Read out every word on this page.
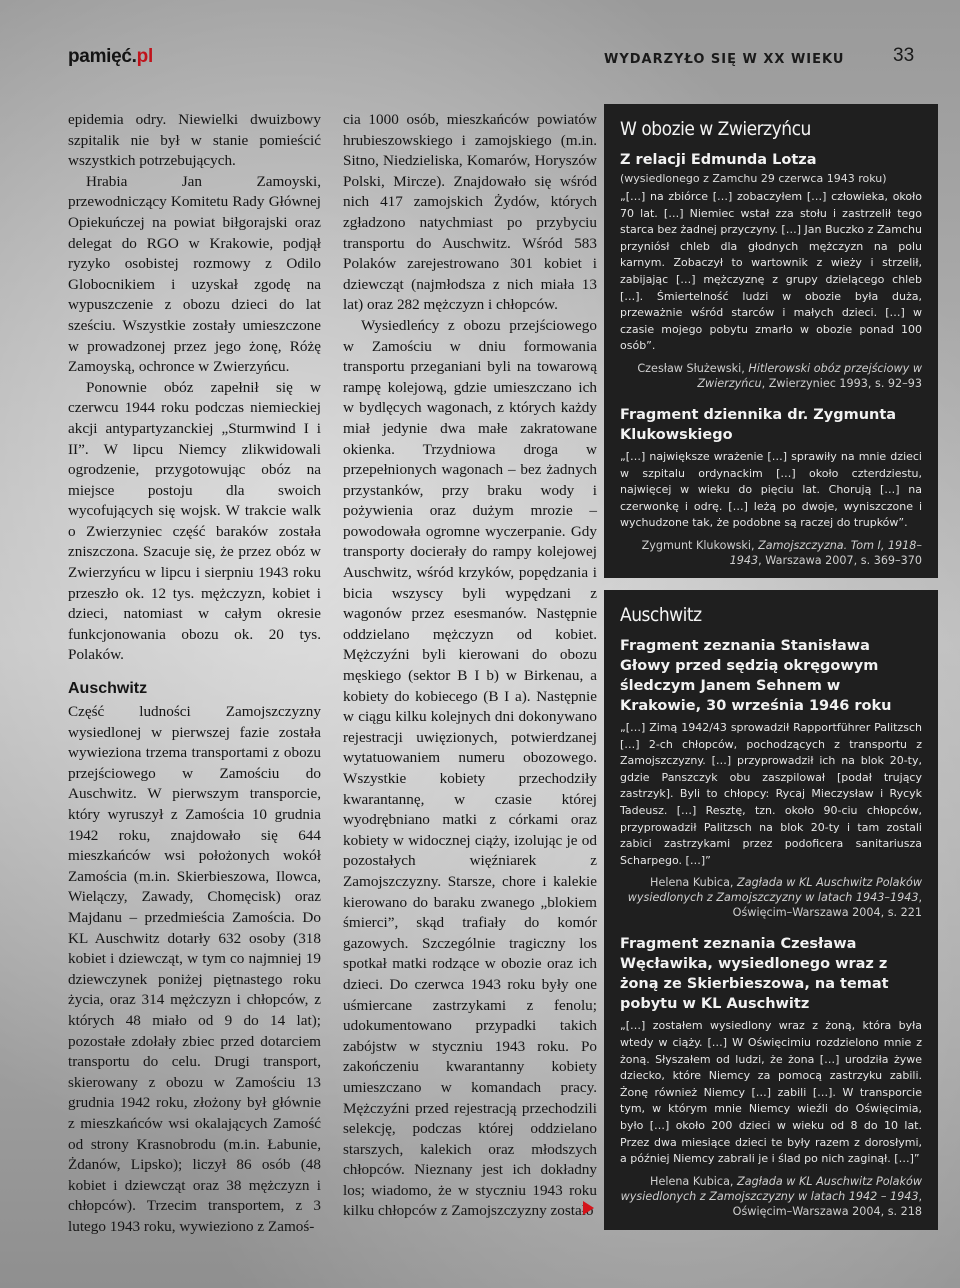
pamięć.pl	WYDARZYŁO SIĘ W XX WIEKU	33

epidemia odry. Niewielki dwuizbowy szpitalik nie był w stanie pomieścić wszystkich potrzebujących.

Hrabia Jan Zamoyski, przewodniczący Komitetu Rady Głównej Opiekuńczej na powiat biłgorajski oraz delegat do RGO w Krakowie, podjął ryzyko osobistej rozmowy z Odilo Globocnikiem i uzyskał zgodę na wypuszczenie z obozu dzieci do lat sześciu. Wszystkie zostały umieszczone w prowadzonej przez jego żonę, Różę Zamoyską, ochronce w Zwierzyńcu.

Ponownie obóz zapełnił się w czerwcu 1944 roku podczas niemieckiej akcji antypartyzanckiej „Sturmwind I i II”. W lipcu Niemcy zlikwidowali ogrodzenie, przygotowując obóz na miejsce postoju dla swoich wycofujących się wojsk. W trakcie walk o Zwierzyniec część baraków została zniszczona. Szacuje się, że przez obóz w Zwierzyńcu w lipcu i sierpniu 1943 roku przeszło ok. 12 tys. mężczyzn, kobiet i dzieci, natomiast w całym okresie funkcjonowania obozu ok. 20 tys. Polaków.

Auschwitz

Część ludności Zamojszczyzny wysiedlonej w pierwszej fazie została wywieziona trzema transportami z obozu przejściowego w Zamościu do Auschwitz. W pierwszym transporcie, który wyruszył z Zamościa 10 grudnia 1942 roku, znajdowało się 644 mieszkańców wsi położonych wokół Zamościa (m.in. Skierbieszowa, Ilowca, Wielączy, Zawady, Chomęcisk) oraz Majdanu – przedmieścia Zamościa. Do KL Auschwitz dotarły 632 osoby (318 kobiet i dziewcząt, w tym co najmniej 19 dziewczynek poniżej piętnastego roku życia, oraz 314 mężczyzn i chłopców, z których 48 miało od 9 do 14 lat); pozostałe zdołały zbiec przed dotarciem transportu do celu. Drugi transport, skierowany z obozu w Zamościu 13 grudnia 1942 roku, złożony był głównie z mieszkańców wsi okalających Zamość od strony Krasnobrodu (m.in. Łabunie, Żdanów, Lipsko); liczył 86 osób (48 kobiet i dziewcząt oraz 38 mężczyzn i chłopców). Trzecim transportem, z 3 lutego 1943 roku, wywieziono z Zamoś-

cia 1000 osób, mieszkańców powiatów hrubieszowskiego i zamojskiego (m.in. Sitno, Niedzieliska, Komarów, Horyszów Polski, Mircze). Znajdowało się wśród nich 417 zamojskich Żydów, których zgładzono natychmiast po przybyciu transportu do Auschwitz. Wśród 583 Polaków zarejestrowano 301 kobiet i dziewcząt (najmłodsza z nich miała 13 lat) oraz 282 mężczyzn i chłopców.

Wysiedleńcy z obozu przejściowego w Zamościu w dniu formowania transportu przeganiani byli na towarową rampę kolejową, gdzie umieszczano ich w bydlęcych wagonach, z których każdy miał jedynie dwa małe zakratowane okienka. Trzydniowa droga w przepełnionych wagonach – bez żadnych przystanków, przy braku wody i pożywienia oraz dużym mrozie – powodowała ogromne wyczerpanie. Gdy transporty docierały do rampy kolejowej Auschwitz, wśród krzyków, popędzania i bicia wszyscy byli wypędzani z wagonów przez esesmanów. Następnie oddzielano mężczyzn od kobiet. Mężczyźni byli kierowani do obozu męskiego (sektor B I b) w Birkenau, a kobiety do kobiecego (B I a). Następnie w ciągu kilku kolejnych dni dokonywano rejestracji uwięzionych, potwierdzanej wytatuowaniem numeru obozowego. Wszystkie kobiety przechodziły kwarantannę, w czasie której wyodrębniano matki z córkami oraz kobiety w widocznej ciąży, izolując je od pozostałych więźniarek z Zamojszczyzny. Starsze, chore i kalekie kierowano do baraku zwanego „blokiem śmierci”, skąd trafiały do komór gazowych. Szczególnie tragiczny los spotkał matki rodzące w obozie oraz ich dzieci. Do czerwca 1943 roku były one uśmiercane zastrzykami z fenolu; udokumentowano przypadki takich zabójstw w styczniu 1943 roku. Po zakończeniu kwarantanny kobiety umieszczano w komandach pracy. Mężczyźni przed rejestracją przechodzili selekcję, podczas której oddzielano starszych, kalekich oraz młodszych chłopców. Nieznany jest ich dokładny los; wiadomo, że w styczniu 1943 roku kilku chłopców z Zamojszczyzny zostało

W obozie w Zwierzyńcu
Z relacji Edmunda Lotza
(wysiedlonego z Zamchu 29 czerwca 1943 roku)
„[…] na zbiórce […] zobaczyłem […] człowieka, około 70 lat. […] Niemiec wstał zza stołu i zastrzelił tego starca bez żadnej przyczyny. […] Jan Buczko z Zamchu przyniósł chleb dla głodnych mężczyzn na polu karnym. Zobaczył to wartownik z wieży i strzelił, zabijając […] mężczyznę z grupy dzielącego chleb […]. Śmiertelność ludzi w obozie była duża, przeważnie wśród starców i małych dzieci. […] w czasie mojego pobytu zmarło w obozie ponad 100 osób”.
Czesław Służewski, Hitlerowski obóz przejściowy w Zwierzyńcu, Zwierzyniec 1993, s. 92–93
Fragment dziennika dr. Zygmunta Klukowskiego
„[…] największe wrażenie […] sprawiły na mnie dzieci w szpitalu ordynackim […] około czterdziestu, najwięcej w wieku do pięciu lat. Chorują […] na czerwonkę i odrę. […] leżą po dwoje, wyniszczone i wychudzone tak, że podobne są raczej do trupków”.
Zygmunt Klukowski, Zamojszczyzna. Tom I, 1918–1943, Warszawa 2007, s. 369–370
Auschwitz
Fragment zeznania Stanisława Głowy przed sędzią okręgowym śledczym Janem Sehnem w Krakowie, 30 września 1946 roku
„[…] Zimą 1942/43 sprowadził Rapportführer Palitzsch […] 2-ch chłopców, pochodzących z transportu z Zamojszczyzny. […] przyprowadził ich na blok 20-ty, gdzie Panszczyk obu zaszpilował [podał trujący zastrzyk]. Byli to chłopcy: Rycaj Mieczysław i Rycyk Tadeusz. […] Resztę, tzn. około 90-ciu chłopców, przyprowadził Palitzsch na blok 20-ty i tam zostali zabici zastrzykami przez podoficera sanitariusza Scharpego. […]”
Helena Kubica, Zagłada w KL Auschwitz Polaków wysiedlonych z Zamojszczyzny w latach 1943–1943, Oświęcim–Warszawa 2004, s. 221
Fragment zeznania Czesława Węcławika, wysiedlonego wraz z żoną ze Skierbieszowa, na temat pobytu w KL Auschwitz
„[…] zostałem wysiedlony wraz z żoną, która była wtedy w ciąży. […] W Oświęcimiu rozdzielono mnie z żoną. Słyszałem od ludzi, że żona […] urodziła żywe dziecko, które Niemcy za pomocą zastrzyku zabili. Żonę również Niemcy […] zabili […]. W transporcie tym, w którym mnie Niemcy wieźli do Oświęcimia, było […] około 200 dzieci w wieku od 8 do 10 lat. Przez dwa miesiące dzieci te były razem z dorosłymi, a później Niemcy zabrali je i ślad po nich zaginął. […]”
Helena Kubica, Zagłada w KL Auschwitz Polaków wysiedlonych z Zamojszczyzny w latach 1942 – 1943, Oświęcim–Warszawa 2004, s. 218
